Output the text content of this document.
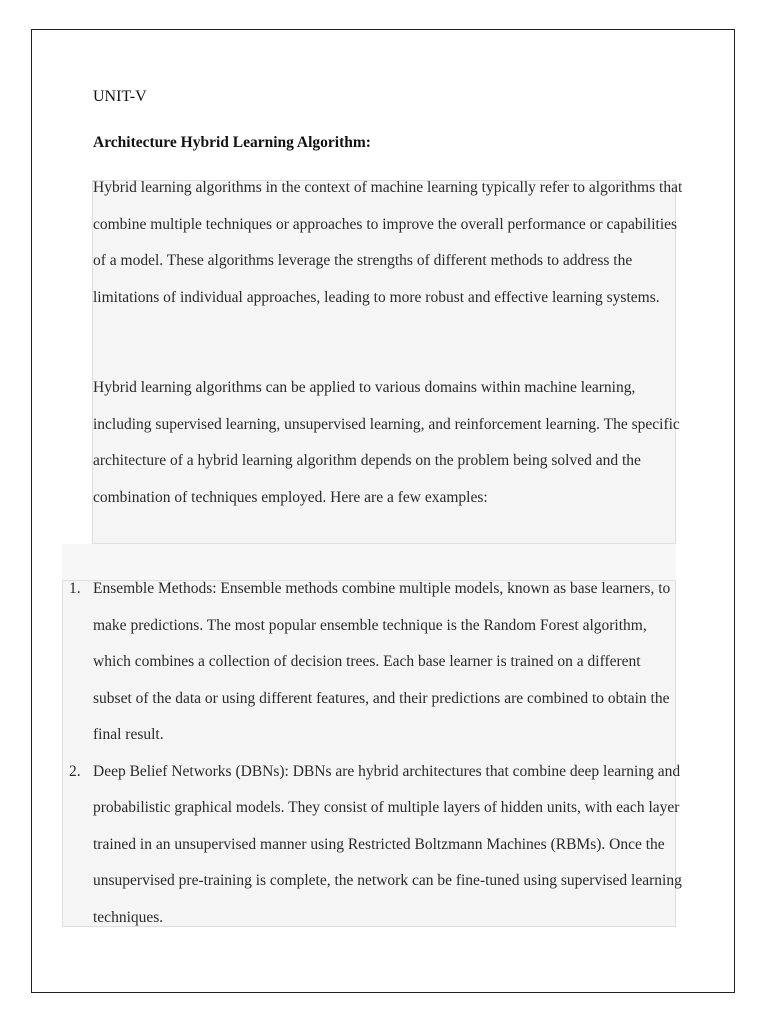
UNIT-V

Architecture Hybrid Learning Algorithm:

Hybrid learning algorithms in the context of machine learning typically refer to algorithms that combine multiple techniques or approaches to improve the overall performance or capabilities of a model. These algorithms leverage the strengths of different methods to address the limitations of individual approaches, leading to more robust and effective learning systems.

Hybrid learning algorithms can be applied to various domains within machine learning, including supervised learning, unsupervised learning, and reinforcement learning. The specific architecture of a hybrid learning algorithm depends on the problem being solved and the combination of techniques employed. Here are a few examples:

1. Ensemble Methods: Ensemble methods combine multiple models, known as base learners, to make predictions. The most popular ensemble technique is the Random Forest algorithm, which combines a collection of decision trees. Each base learner is trained on a different subset of the data or using different features, and their predictions are combined to obtain the final result.
2. Deep Belief Networks (DBNs): DBNs are hybrid architectures that combine deep learning and probabilistic graphical models. They consist of multiple layers of hidden units, with each layer trained in an unsupervised manner using Restricted Boltzmann Machines (RBMs). Once the unsupervised pre-training is complete, the network can be fine-tuned using supervised learning techniques.
